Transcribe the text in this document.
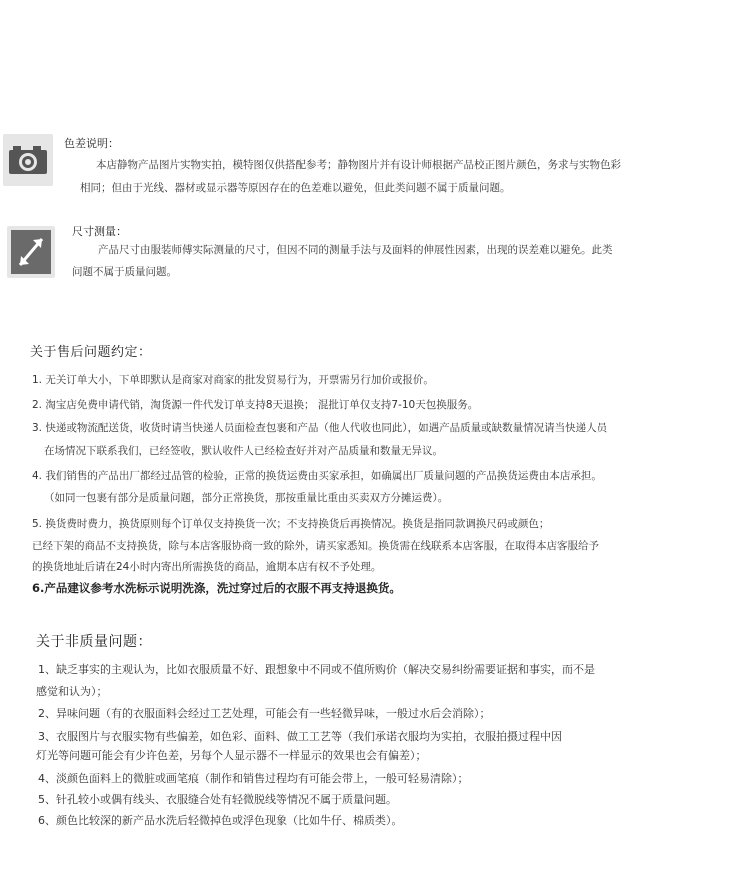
色差说明：
本店静物产品图片实物实拍，模特图仅供搭配参考；静物图片并有设计师根据产品校正图片颜色，务求与实物色彩
相同；但由于光线、器材或显示器等原因存在的色差难以避免，但此类问题不属于质量问题。
尺寸测量：
产品尺寸由服装师傅实际测量的尺寸，但因不同的测量手法与及面料的伸展性因素，出现的误差难以避免。此类
问题不属于质量问题。
关于售后问题约定：
1. 无关订单大小，下单即默认是商家对商家的批发贸易行为，开票需另行加价或报价。
2. 淘宝店免费申请代销，淘货源一件代发订单支持8天退换； 混批订单仅支持7-10天包换服务。
3. 快递或物流配送货，收货时请当快递人员面检查包裹和产品（他人代收也同此），如遇产品质量或缺数量情况请当快递人员
在场情况下联系我们，已经签收，默认收件人已经检查好并对产品质量和数量无异议。
4. 我们销售的产品出厂都经过品管的检验，正常的换货运费由买家承担，如确属出厂质量问题的产品换货运费由本店承担。
（如同一包裹有部分是质量问题，部分正常换货，那按重量比重由买卖双方分摊运费）。
5. 换货费时费力，换货原则每个订单仅支持换货一次；不支持换货后再换情况。换货是指同款调换尺码或颜色；
已经下架的商品不支持换货，除与本店客服协商一致的除外，请买家悉知。换货需在线联系本店客服，在取得本店客服给予
的换货地址后请在24小时内寄出所需换货的商品，逾期本店有权不予处理。
6.产品建议参考水洗标示说明洗涤，洗过穿过后的衣服不再支持退换货。
关于非质量问题：
1、缺乏事实的主观认为，比如衣服质量不好、跟想象中不同或不值所购价（解决交易纠纷需要证据和事实，而不是
感觉和认为）；
2、异味问题（有的衣服面料会经过工艺处理，可能会有一些轻微异味，一般过水后会消除）；
3、衣服图片与衣服实物有些偏差，如色彩、面料、做工工艺等（我们承诺衣服均为实拍，衣服拍摄过程中因
灯光等问题可能会有少许色差，另每个人显示器不一样显示的效果也会有偏差）；
4、淡颜色面料上的微脏或画笔痕（制作和销售过程均有可能会带上，一般可轻易清除）；
5、针孔较小或偶有线头、衣服缝合处有轻微脱线等情况不属于质量问题。
6、颜色比较深的新产品水洗后轻微掉色或浮色现象（比如牛仔、棉质类）。
